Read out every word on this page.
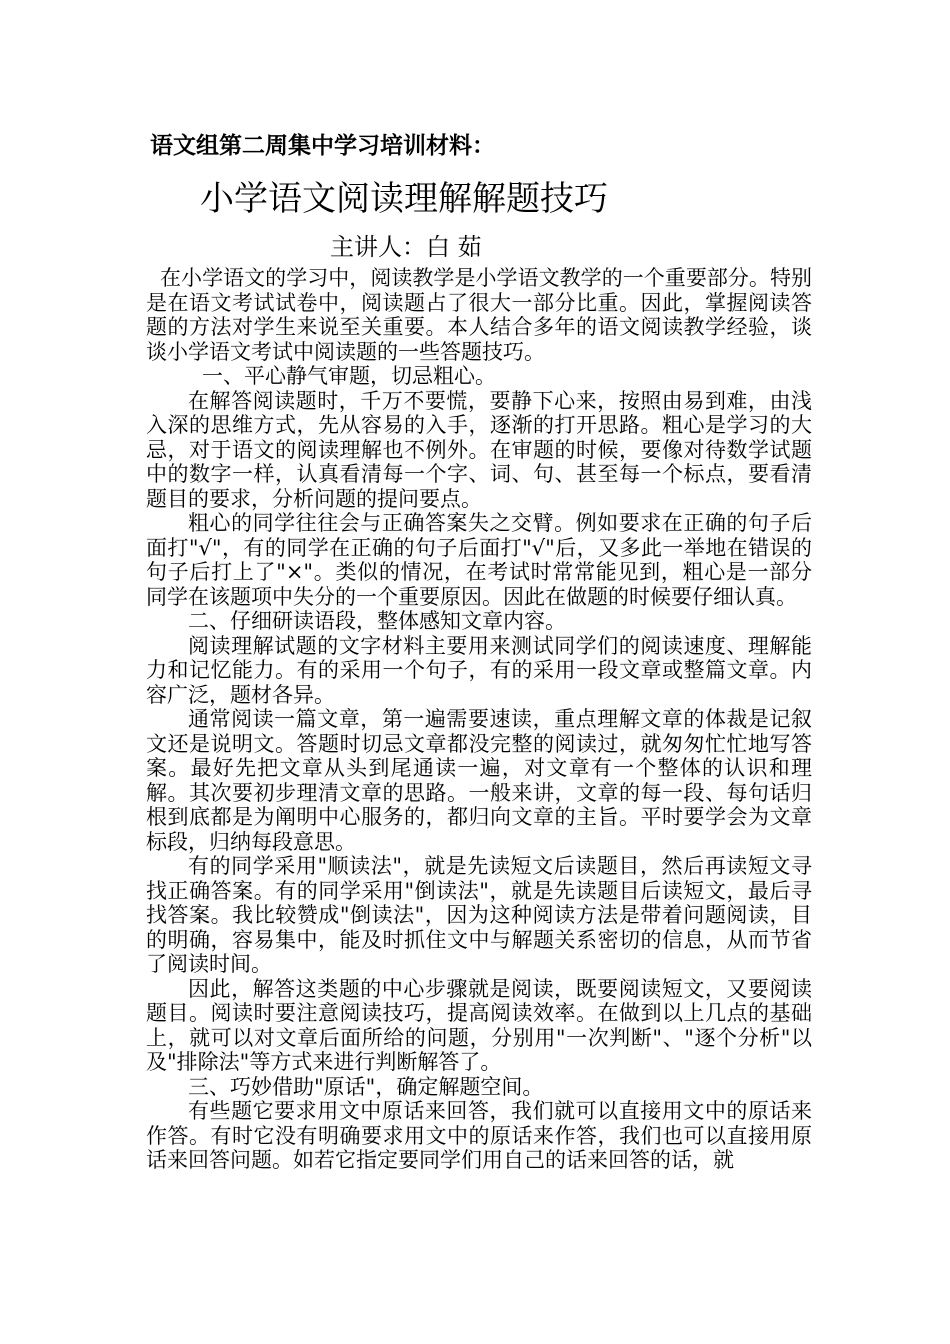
语文组第二周集中学习培训材料：
小学语文阅读理解解题技巧
主讲人：白 茹

在小学语文的学习中，阅读教学是小学语文教学的一个重要部分。特别是在语文考试试卷中，阅读题占了很大一部分比重。因此，掌握阅读答题的方法对学生来说至关重要。本人结合多年的语文阅读教学经验，谈谈小学语文考试中阅读题的一些答题技巧。

一、平心静气审题，切忌粗心。

在解答阅读题时，千万不要慌，要静下心来，按照由易到难，由浅入深的思维方式，先从容易的入手，逐渐的打开思路。粗心是学习的大忌，对于语文的阅读理解也不例外。在审题的时候，要像对待数学试题中的数字一样，认真看清每一个字、词、句、甚至每一个标点，要看清题目的要求，分析问题的提问要点。

粗心的同学往往会与正确答案失之交臂。例如要求在正确的句子后面打"√"，有的同学在正确的句子后面打"√"后，又多此一举地在错误的句子后打上了"×"。类似的情况，在考试时常常能见到，粗心是一部分同学在该题项中失分的一个重要原因。因此在做题的时候要仔细认真。

二、仔细研读语段，整体感知文章内容。

阅读理解试题的文字材料主要用来测试同学们的阅读速度、理解能力和记忆能力。有的采用一个句子，有的采用一段文章或整篇文章。内容广泛，题材各异。

通常阅读一篇文章，第一遍需要速读，重点理解文章的体裁是记叙文还是说明文。答题时切忌文章都没完整的阅读过，就匆匆忙忙地写答案。最好先把文章从头到尾通读一遍，对文章有一个整体的认识和理解。其次要初步理清文章的思路。一般来讲，文章的每一段、每句话归根到底都是为阐明中心服务的，都归向文章的主旨。平时要学会为文章标段，归纳每段意思。

有的同学采用"顺读法"，就是先读短文后读题目，然后再读短文寻找正确答案。有的同学采用"倒读法"，就是先读题目后读短文，最后寻找答案。我比较赞成"倒读法"，因为这种阅读方法是带着问题阅读，目的明确，容易集中，能及时抓住文中与解题关系密切的信息，从而节省了阅读时间。

因此，解答这类题的中心步骤就是阅读，既要阅读短文，又要阅读题目。阅读时要注意阅读技巧，提高阅读效率。在做到以上几点的基础上，就可以对文章后面所给的问题，分别用"一次判断"、"逐个分析"以及"排除法"等方式来进行判断解答了。

三、巧妙借助"原话"，确定解题空间。

有些题它要求用文中原话来回答，我们就可以直接用文中的原话来作答。有时它没有明确要求用文中的原话来作答，我们也可以直接用原话来回答问题。如若它指定要同学们用自己的话来回答的话，就
